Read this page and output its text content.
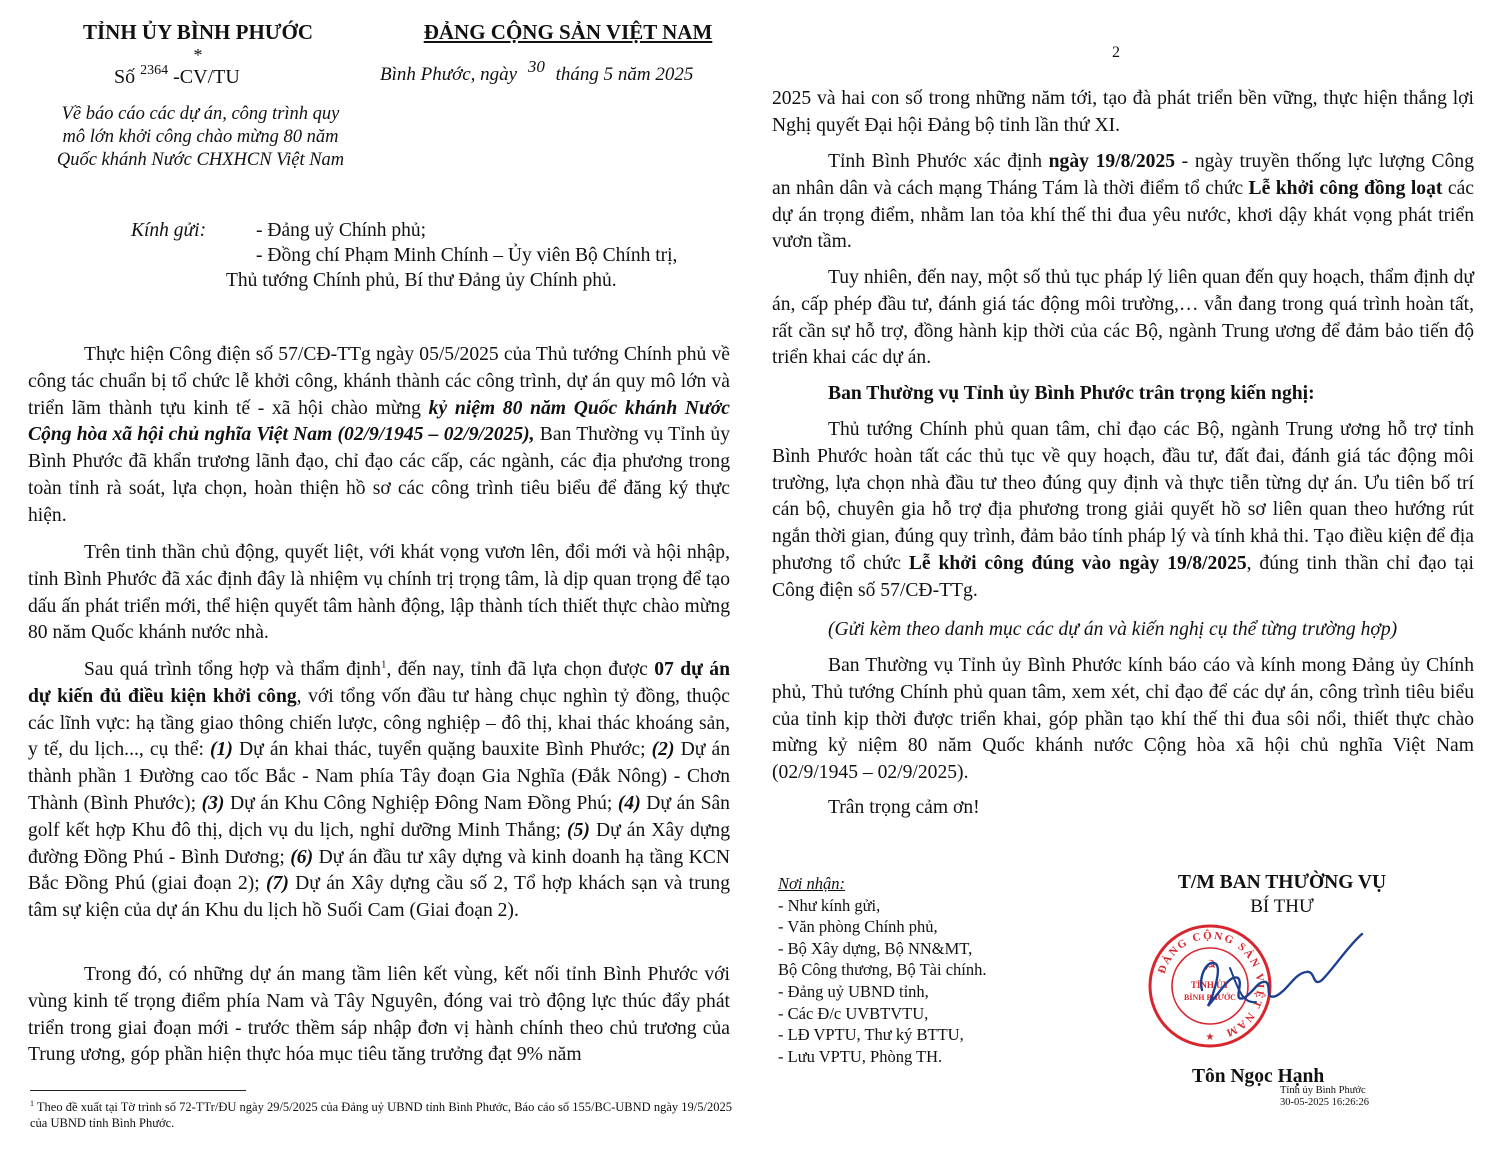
TỈNH ỦY BÌNH PHƯỚC
*
Số $^{2364}$ -CV/TU
Về báo cáo các dự án, công trình quy
mô lớn khởi công chào mừng 80 năm
Quốc khánh Nước CHXHCN Việt Nam
ĐẢNG CỘNG SẢN VIỆT NAM
Bình Phước, ngày 30 tháng 5 năm 2025
Kính gửi:	- Đảng uỷ Chính phủ;
- Đồng chí Phạm Minh Chính – Ủy viên Bộ Chính trị,
Thủ tướng Chính phủ, Bí thư Đảng ủy Chính phủ.

Thực hiện Công điện số 57/CĐ-TTg ngày 05/5/2025 của Thủ tướng Chính phủ về công tác chuẩn bị tổ chức lễ khởi công, khánh thành các công trình, dự án quy mô lớn và triển lãm thành tựu kinh tế - xã hội chào mừng kỷ niệm 80 năm Quốc khánh Nước Cộng hòa xã hội chủ nghĩa Việt Nam (02/9/1945 – 02/9/2025), Ban Thường vụ Tỉnh ủy Bình Phước đã khẩn trương lãnh đạo, chỉ đạo các cấp, các ngành, các địa phương trong toàn tỉnh rà soát, lựa chọn, hoàn thiện hồ sơ các công trình tiêu biểu để đăng ký thực hiện.

Trên tinh thần chủ động, quyết liệt, với khát vọng vươn lên, đổi mới và hội nhập, tỉnh Bình Phước đã xác định đây là nhiệm vụ chính trị trọng tâm, là dịp quan trọng để tạo dấu ấn phát triển mới, thể hiện quyết tâm hành động, lập thành tích thiết thực chào mừng 80 năm Quốc khánh nước nhà.

Sau quá trình tổng hợp và thẩm định$^1$, đến nay, tỉnh đã lựa chọn được 07 dự án dự kiến đủ điều kiện khởi công, với tổng vốn đầu tư hàng chục nghìn tỷ đồng, thuộc các lĩnh vực: hạ tầng giao thông chiến lược, công nghiệp – đô thị, khai thác khoáng sản, y tế, du lịch..., cụ thể: (1) Dự án khai thác, tuyển quặng bauxite Bình Phước; (2) Dự án thành phần 1 Đường cao tốc Bắc - Nam phía Tây đoạn Gia Nghĩa (Đắk Nông) - Chơn Thành (Bình Phước); (3) Dự án Khu Công Nghiệp Đông Nam Đồng Phú; (4) Dự án Sân golf kết hợp Khu đô thị, dịch vụ du lịch, nghỉ dưỡng Minh Thắng; (5) Dự án Xây dựng đường Đồng Phú - Bình Dương; (6) Dự án đầu tư xây dựng và kinh doanh hạ tầng KCN Bắc Đồng Phú (giai đoạn 2); (7) Dự án Xây dựng cầu số 2, Tổ hợp khách sạn và trung tâm sự kiện của dự án Khu du lịch hồ Suối Cam (Giai đoạn 2).

Trong đó, có những dự án mang tầm liên kết vùng, kết nối tỉnh Bình Phước với vùng kinh tế trọng điểm phía Nam và Tây Nguyên, đóng vai trò động lực thúc đẩy phát triển trong giai đoạn mới - trước thềm sáp nhập đơn vị hành chính theo chủ trương của Trung ương, góp phần hiện thực hóa mục tiêu tăng trưởng đạt 9% năm

$^1$ Theo đề xuất tại Tờ trình số 72-TTr/ĐU ngày 29/5/2025 của Đảng uỷ UBND tỉnh Bình Phước, Báo cáo số 155/BC-UBND ngày 19/5/2025 của UBND tỉnh Bình Phước.

2

2025 và hai con số trong những năm tới, tạo đà phát triển bền vững, thực hiện thắng lợi Nghị quyết Đại hội Đảng bộ tỉnh lần thứ XI.

Tỉnh Bình Phước xác định ngày 19/8/2025 - ngày truyền thống lực lượng Công an nhân dân và cách mạng Tháng Tám là thời điểm tổ chức Lễ khởi công đồng loạt các dự án trọng điểm, nhằm lan tỏa khí thế thi đua yêu nước, khơi dậy khát vọng phát triển vươn tầm.

Tuy nhiên, đến nay, một số thủ tục pháp lý liên quan đến quy hoạch, thẩm định dự án, cấp phép đầu tư, đánh giá tác động môi trường,… vẫn đang trong quá trình hoàn tất, rất cần sự hỗ trợ, đồng hành kịp thời của các Bộ, ngành Trung ương để đảm bảo tiến độ triển khai các dự án.

Ban Thường vụ Tỉnh ủy Bình Phước trân trọng kiến nghị:

Thủ tướng Chính phủ quan tâm, chỉ đạo các Bộ, ngành Trung ương hỗ trợ tỉnh Bình Phước hoàn tất các thủ tục về quy hoạch, đầu tư, đất đai, đánh giá tác động môi trường, lựa chọn nhà đầu tư theo đúng quy định và thực tiễn từng dự án. Ưu tiên bố trí cán bộ, chuyên gia hỗ trợ địa phương trong giải quyết hồ sơ liên quan theo hướng rút ngắn thời gian, đúng quy trình, đảm bảo tính pháp lý và tính khả thi. Tạo điều kiện để địa phương tổ chức Lễ khởi công đúng vào ngày 19/8/2025, đúng tinh thần chỉ đạo tại Công điện số 57/CĐ-TTg.

(Gửi kèm theo danh mục các dự án và kiến nghị cụ thể từng trường hợp)

Ban Thường vụ Tỉnh ủy Bình Phước kính báo cáo và kính mong Đảng ủy Chính phủ, Thủ tướng Chính phủ quan tâm, xem xét, chỉ đạo để các dự án, công trình tiêu biểu của tỉnh kịp thời được triển khai, góp phần tạo khí thế thi đua sôi nổi, thiết thực chào mừng kỷ niệm 80 năm Quốc khánh nước Cộng hòa xã hội chủ nghĩa Việt Nam (02/9/1945 – 02/9/2025).

Trân trọng cảm ơn!

Nơi nhận:
- Như kính gửi,
- Văn phòng Chính phủ,
- Bộ Xây dựng, Bộ NN&MT,
Bộ Công thương, Bộ Tài chính.
- Đảng uỷ UBND tỉnh,
- Các Đ/c UVBTVTU,
- LĐ VPTU, Thư ký BTTU,
- Lưu VPTU, Phòng TH.
T/M BAN THƯỜNG VỤ
BÍ THƯ
ĐẢNG CỘNG SẢN VIỆT NAM
☭
TỈNH ỦY
BÌNH PHƯỚC
★
Tôn Ngọc Hạnh
Tỉnh ủy Bình Phước
30-05-2025 16:26:26
